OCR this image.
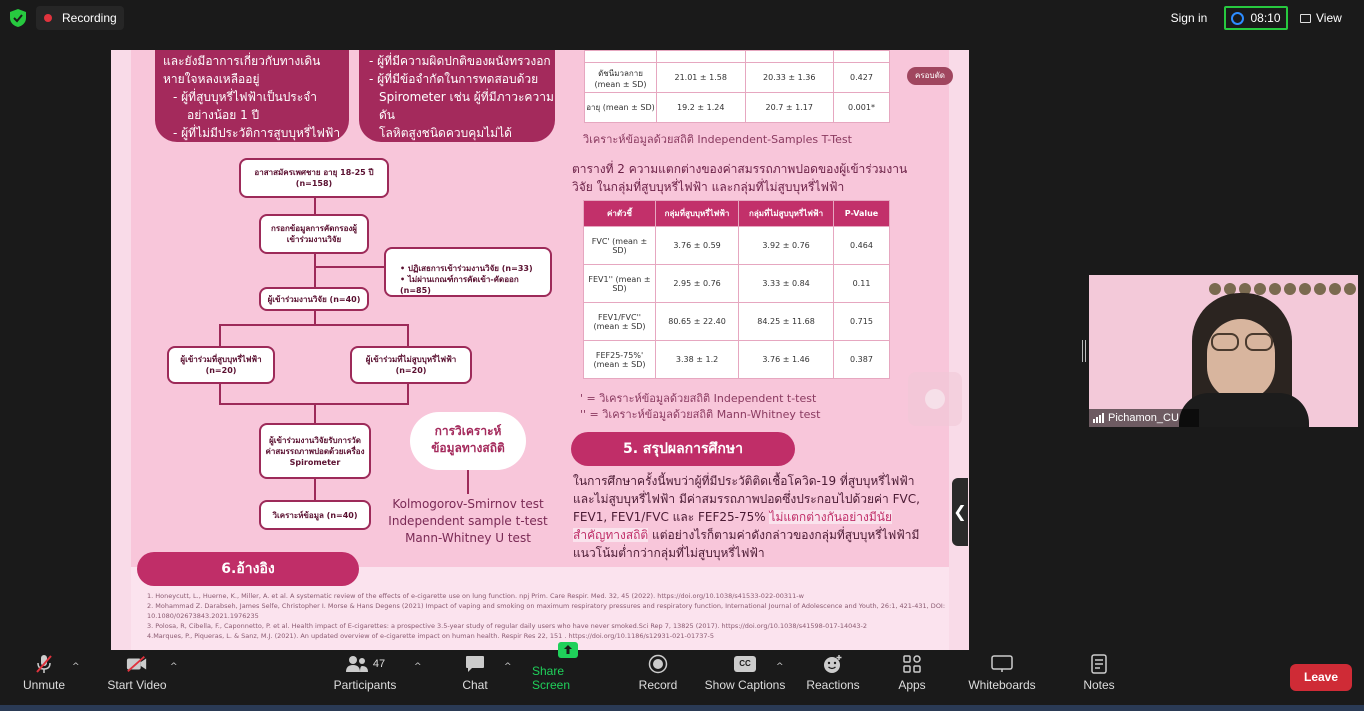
Recording	Sign in	08:10	View
และยังมีอาการเกี่ยวกับทางเดิน
หายใจหลงเหลืออยู่
- ผู้ที่สูบบุหรี่ไฟฟ้าเป็นประจำ
อย่างน้อย 1 ปี
- ผู้ที่ไม่มีประวัติการสูบบุหรี่ไฟฟ้า
- ผู้ที่มีความผิดปกติของผนังทรวงอก
- ผู้ที่มีข้อจำกัดในการทดสอบด้วย
Spirometer เช่น ผู้ที่มีภาวะความดัน
โลหิตสูงชนิดควบคุมไม่ได้
อาสาสมัครเพศชาย อายุ 18-25 ปี (n=158)
กรอกข้อมูลการคัดกรองผู้เข้าร่วมงานวิจัย
• ปฏิเสธการเข้าร่วมงานวิจัย (n=33)
• ไม่ผ่านเกณฑ์การคัดเข้า-คัดออก (n=85)
ผู้เข้าร่วมงานวิจัย (n=40)
ผู้เข้าร่วมที่สูบบุหรี่ไฟฟ้า (n=20)
ผู้เข้าร่วมที่ไม่สูบบุหรี่ไฟฟ้า (n=20)
ผู้เข้าร่วมงานวิจัยรับการวัดค่าสมรรถภาพปอดด้วยเครื่อง Spirometer
วิเคราะห์ข้อมูล (n=40)
การวิเคราะห์
ข้อมูลทางสถิติ
Kolmogorov-Smirnov test
Independent sample t-test
Mann-Whitney U test

ดัชนีมวลกาย (mean ± SD)	21.01 ± 1.58	20.33 ± 1.36	0.427
อายุ (mean ± SD)	19.2 ± 1.24	20.7 ± 1.17	0.001*
วิเคราะห์ข้อมูลด้วยสถิติ Independent-Samples T-Test
ตารางที่ 2 ความแตกต่างของค่าสมรรถภาพปอดของผู้เข้าร่วมงานวิจัย ในกลุ่มที่สูบบุหรี่ไฟฟ้า และกลุ่มที่ไม่สูบบุหรี่ไฟฟ้า
ค่าตัวชี้	กลุ่มที่สูบบุหรี่ไฟฟ้า	กลุ่มที่ไม่สูบบุหรี่ไฟฟ้า	P-Value
FVC' (mean ± SD)	3.76 ± 0.59	3.92 ± 0.76	0.464
FEV1'' (mean ± SD)	2.95 ± 0.76	3.33 ± 0.84	0.11
FEV1/FVC'' (mean ± SD)	80.65 ± 22.40	84.25 ± 11.68	0.715
FEF25-75%' (mean ± SD)	3.38 ± 1.2	3.76 ± 1.46	0.387
' = วิเคราะห์ข้อมูลด้วยสถิติ Independent t-test
'' = วิเคราะห์ข้อมูลด้วยสถิติ Mann-Whitney test
5. สรุปผลการศึกษา
ในการศึกษาครั้งนี้พบว่าผู้ที่มีประวัติติดเชื้อโควิด-19 ที่สูบบุหรี่ไฟฟ้าและไม่สูบบุหรี่ไฟฟ้า มีค่าสมรรถภาพปอดซึ่งประกอบไปด้วยค่า FVC, FEV1, FEV1/FVC และ FEF25-75% ไม่แตกต่างกันอย่างมีนัยสำคัญทางสถิติ แต่อย่างไรก็ตามค่าดังกล่าวของกลุ่มที่สูบบุหรี่ไฟฟ้ามีแนวโน้มต่ำกว่ากลุ่มที่ไม่สูบบุหรี่ไฟฟ้า
1. Honeycutt, L., Huerne, K., Miller, A. et al. A systematic review of the effects of e-cigarette use on lung function. npj Prim. Care Respir. Med. 32, 45 (2022). https://doi.org/10.1038/s41533-022-00311-w
2. Mohammad Z. Darabseh, James Selfe, Christopher I. Morse & Hans Degens (2021) Impact of vaping and smoking on maximum respiratory pressures and respiratory function, International Journal of Adolescence and Youth, 26:1, 421-431, DOI: 10.1080/02673843.2021.1976235
3. Polosa, R, Cibella, F., Caponnetto, P. et al. Health impact of E-cigarettes: a prospective 3.5-year study of regular daily users who have never smoked.Sci Rep 7, 13825 (2017). https://doi.org/10.1038/s41598-017-14043-2
4.Marques, P., Piqueras, L. & Sanz, M.J. (2021). An updated overview of e-cigarette impact on human health. Respir Res 22, 151 . https://doi.org/10.1186/s12931-021-01737-5
6.อ้างอิง
ครอบตัด
❮
Pichamon_CU
Unmute
^
Start Video
^	47
Participants
^
Chat
^ Share Screen	Record
CC
Show Captions
^
Reactions	Apps	Whiteboards	Notes
Leave
